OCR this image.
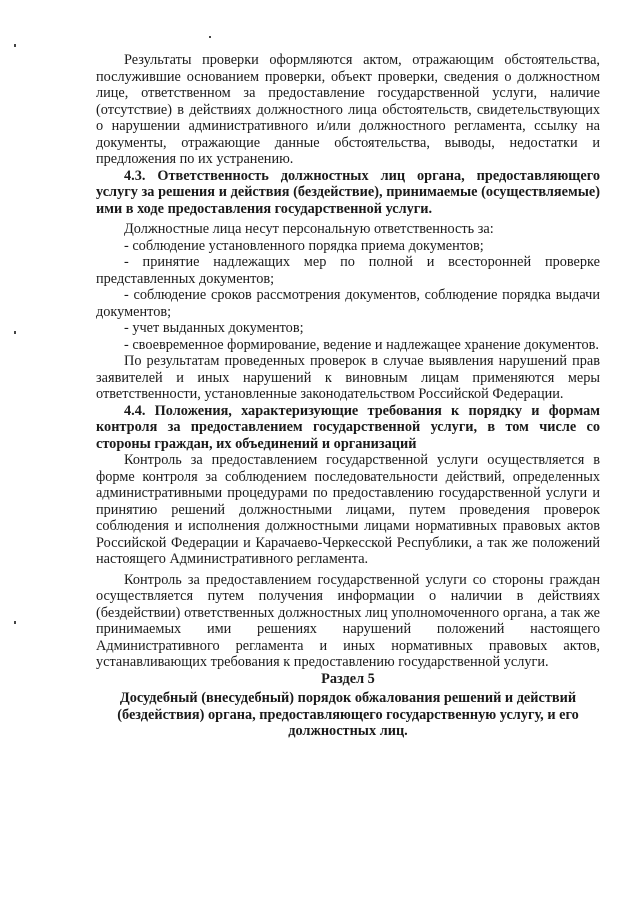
Результаты проверки оформляются актом, отражающим обстоятельства, послужившие основанием проверки, объект проверки, сведения о должностном лице, ответственном за предоставление государственной услуги, наличие (отсутствие) в действиях должностного лица обстоятельств, свидетельствующих о нарушении административного и/или должностного регламента, ссылку на документы, отражающие данные обстоятельства, выводы, недостатки и предложения по их устранению.

4.3. Ответственность должностных лиц органа, предоставляющего услугу за решения и действия (бездействие), принимаемые (осуществляемые) ими в ходе предоставления государственной услуги.

Должностные лица несут персональную ответственность за:

- соблюдение установленного порядка приема документов;

- принятие надлежащих мер по полной и всесторонней проверке представленных документов;

- соблюдение сроков рассмотрения документов, соблюдение порядка выдачи документов;

- учет выданных документов;

- своевременное формирование, ведение и надлежащее хранение документов.

По результатам проведенных проверок в случае выявления нарушений прав заявителей и иных нарушений к виновным лицам применяются меры ответственности, установленные законодательством Российской Федерации.

4.4. Положения, характеризующие требования к порядку и формам контроля за предоставлением государственной услуги, в том числе со стороны граждан, их объединений и организаций

Контроль за предоставлением государственной услуги осуществляется в форме контроля за соблюдением последовательности действий, определенных административными процедурами по предоставлению государственной услуги и принятию решений должностными лицами, путем проведения проверок соблюдения и исполнения должностными лицами нормативных правовых актов Российской Федерации и Карачаево-Черкесской Республики, а так же положений настоящего Административного регламента.

Контроль за предоставлением государственной услуги со стороны граждан осуществляется путем получения информации о наличии в действиях (бездействии) ответственных должностных лиц уполномоченного органа, а так же принимаемых ими решениях нарушений положений настоящего Административного регламента и иных нормативных правовых актов, устанавливающих требования к предоставлению государственной услуги.

Раздел 5

Досудебный (внесудебный) порядок обжалования решений и действий (бездействия) органа, предоставляющего государственную услугу, и его должностных лиц.
